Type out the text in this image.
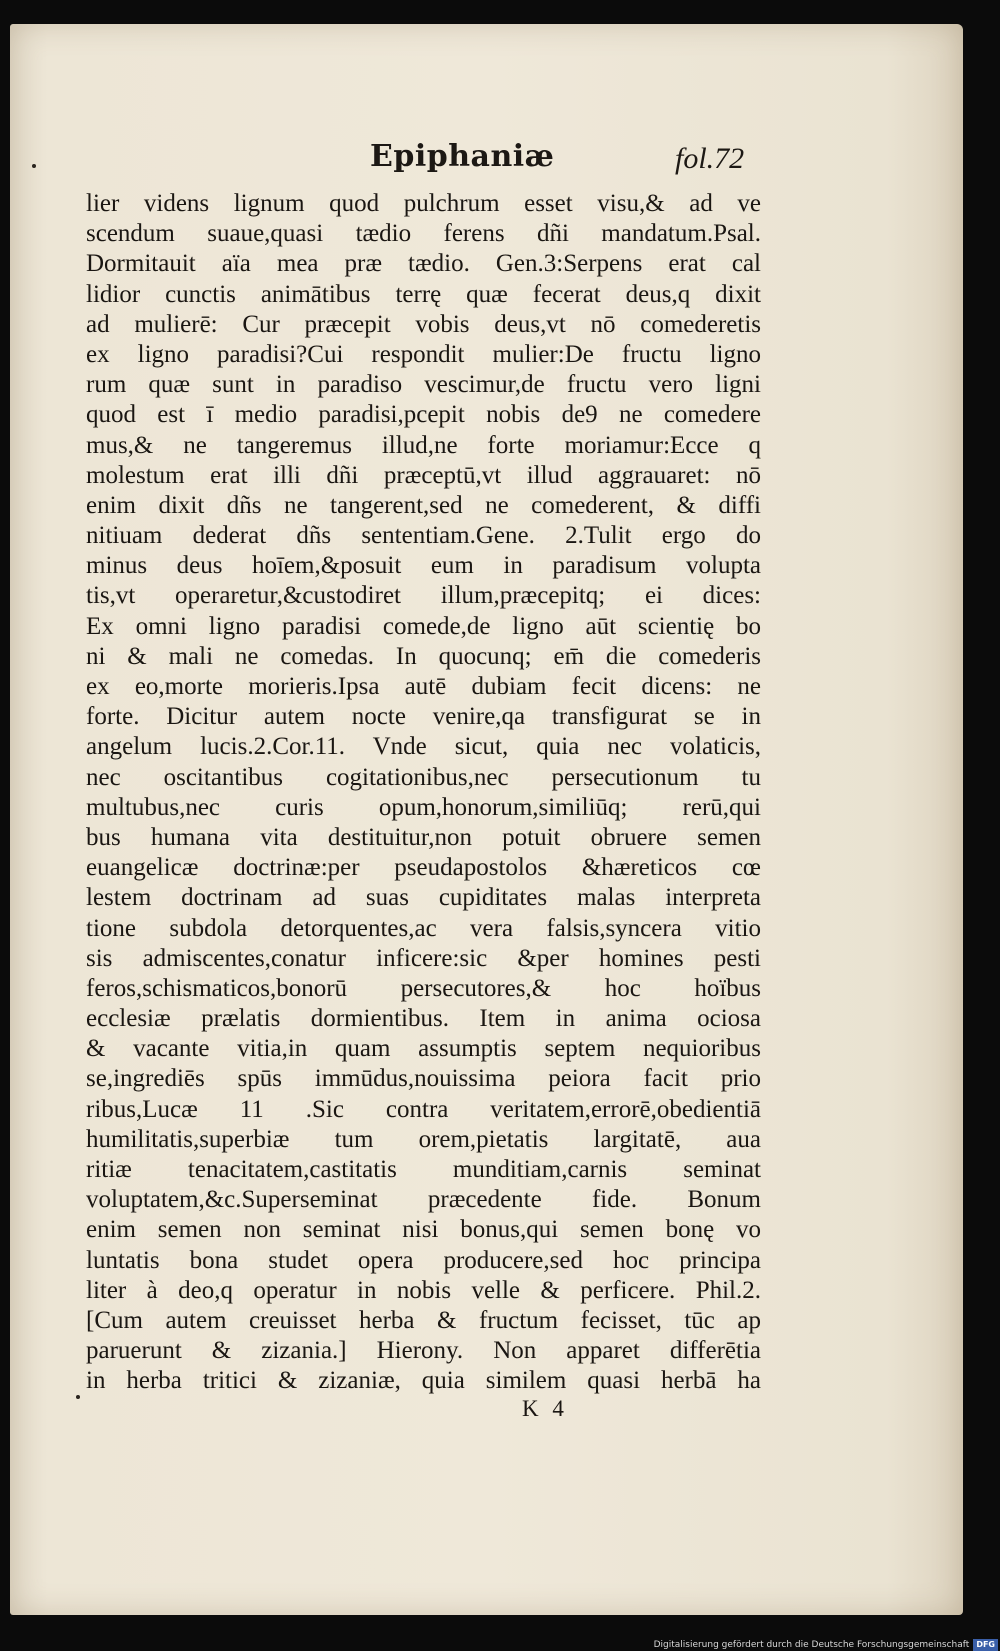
Epiphaniæ	fol.72
lier videns lignum quod pulchrum esset visu,& ad ve
scendum suaue,quasi tædio ferens dñi mandatum.Psal.
Dormitauit aïa mea præ tædio. Gen.3:Serpens erat cal
lidior cunctis animātibus terrę quæ fecerat deus,q dixit
ad mulierē: Cur præcepit vobis deus,vt nō comederetis
ex ligno paradisi?Cui respondit mulier:De fructu ligno
rum quæ sunt in paradiso vescimur,de fructu vero ligni
quod est ī medio paradisi,pcepit nobis de9 ne comedere
mus,& ne tangeremus illud,ne forte moriamur:Ecce q
molestum erat illi dñi præceptū,vt illud aggrauaret: nō
enim dixit dñs ne tangerent,sed ne comederent, & diffi
nitiuam dederat dñs sententiam.Gene. 2.Tulit ergo do
minus deus hoīem,&posuit eum in paradisum volupta
tis,vt operaretur,&custodiret illum,præcepitq; ei dices:
Ex omni ligno paradisi comede,de ligno aūt scientię bo
ni & mali ne comedas. In quocunq; em̄ die comederis
ex eo,morte morieris.Ipsa autē dubiam fecit dicens: ne
forte. Dicitur autem nocte venire,qa transfigurat se in
angelum lucis.2.Cor.11. Vnde sicut, quia nec volaticis,
nec oscitantibus cogitationibus,nec persecutionum tu
multubus,nec curis opum,honorum,similiūq; rerū,qui
bus humana vita destituitur,non potuit obruere semen
euangelicæ doctrinæ:per pseudapostolos &hæreticos cœ
lestem doctrinam ad suas cupiditates malas interpreta
tione subdola detorquentes,ac vera falsis,syncera vitio
sis admiscentes,conatur inficere:sic &per homines pesti
feros,schismaticos,bonorū persecutores,& hoc hoïbus
ecclesiæ prælatis dormientibus. Item in anima ociosa
& vacante vitia,in quam assumptis septem nequioribus
se,ingrediēs spūs immūdus,nouissima peiora facit prio
ribus,Lucæ 11 .Sic contra veritatem,errorē,obedientiā
humilitatis,superbiæ tum orem,pietatis largitatē, aua
ritiæ tenacitatem,castitatis munditiam,carnis seminat
voluptatem,&c.Superseminat præcedente fide. Bonum
enim semen non seminat nisi bonus,qui semen bonę vo
luntatis bona studet opera producere,sed hoc principa
liter à deo,q operatur in nobis velle & perficere. Phil.2.
[Cum autem creuisset herba & fructum fecisset, tūc ap
paruerunt & zizania.] Hierony. Non apparet differētia
in herba tritici & zizaniæ, quia similem quasi herbā ha
K 4
Digitalisierung gefördert durch die Deutsche Forschungsgemeinschaft DFG
